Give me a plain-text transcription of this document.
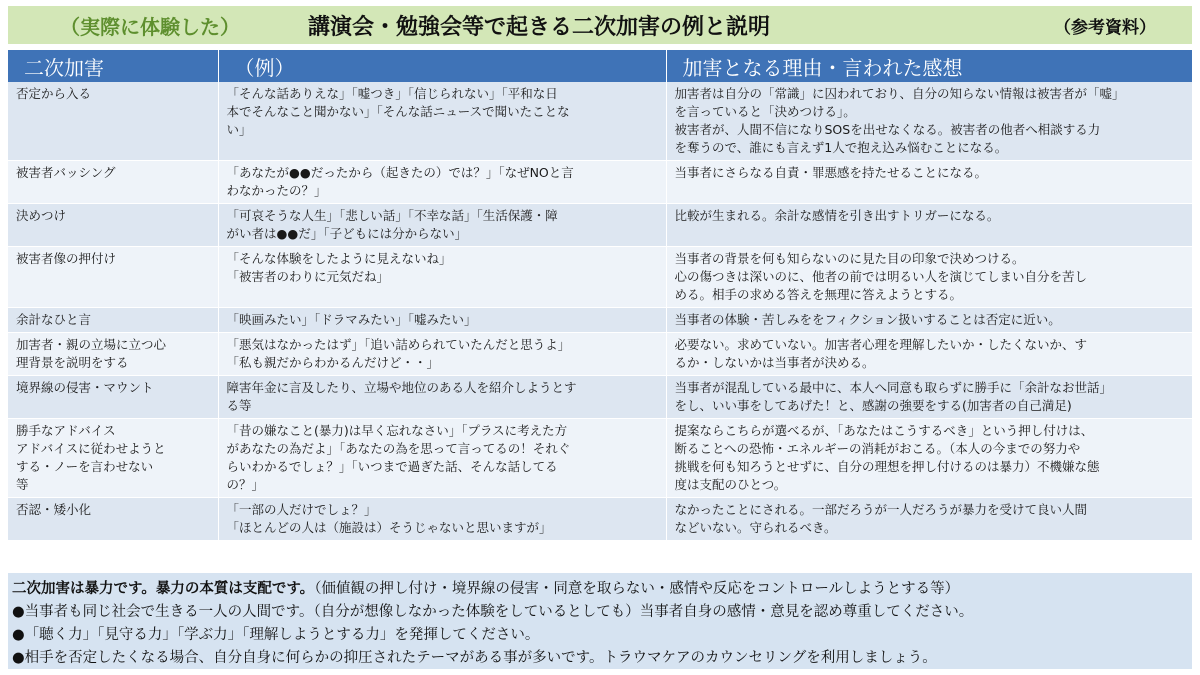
（実際に体験した）	講演会・勉強会等で起きる二次加害の例と説明	（参考資料）
二次加害	（例）	加害となる理由・言われた感想

否定から入る	「そんな話ありえな」「嘘つき」「信じられない」「平和な日
本でそんなこと聞かない」「そんな話ニュースで聞いたことな
い」	加害者は自分の「常識」に囚われており、自分の知らない情報は被害者が「嘘」
を言っていると「決めつける」。
被害者が、人間不信になりSOSを出せなくなる。被害者の他者へ相談する力
を奪うので、誰にも言えず1人で抱え込み悩むことになる。

被害者バッシング	「あなたが●●だったから（起きたの）では？」「なぜNOと言
わなかったの？」	当事者にさらなる自責・罪悪感を持たせることになる。

決めつけ	「可哀そうな人生」「悲しい話」「不幸な話」「生活保護・障
がい者は●●だ」「子どもには分からない」	比較が生まれる。余計な感情を引き出すトリガーになる。

被害者像の押付け	「そんな体験をしたように見えないね」
「被害者のわりに元気だね」	当事者の背景を何も知らないのに見た目の印象で決めつける。
心の傷つきは深いのに、他者の前では明るい人を演じてしまい自分を苦し
める。相手の求める答えを無理に答えようとする。

余計なひと言	「映画みたい」「ドラマみたい」「嘘みたい」	当事者の体験・苦しみををフィクション扱いすることは否定に近い。

加害者・親の立場に立つ心
理背景を説明をする	「悪気はなかったはず」「追い詰められていたんだと思うよ」
「私も親だからわかるんだけど・・」	必要ない。求めていない。加害者心理を理解したいか・したくないか、す
るか・しないかは当事者が決める。

境界線の侵害・マウント	障害年金に言及したり、立場や地位のある人を紹介しようとす
る等	当事者が混乱している最中に、本人へ同意も取らずに勝手に「余計なお世話」
をし、いい事をしてあげた！と、感謝の強要をする(加害者の自己満足)

勝手なアドバイス
アドバイスに従わせようと
する・ノーを言わせない
等	「昔の嫌なこと(暴力)は早く忘れなさい」「プラスに考えた方
があなたの為だよ」「あなたの為を思って言ってるの！それぐ
らいわかるでしょ？」「いつまで過ぎた話、そんな話してる
の？」	提案ならこちらが選べるが、「あなたはこうするべき」という押し付けは、
断ることへの恐怖・エネルギーの消耗がおこる。（本人の今までの努力や
挑戦を何も知ろうとせずに、自分の理想を押し付けるのは暴力）不機嫌な態
度は支配のひとつ。

否認・矮小化	「一部の人だけでしょ？」
「ほとんどの人は（施設は）そうじゃないと思いますが」	なかったことにされる。一部だろうが一人だろうが暴力を受けて良い人間
などいない。守られるべき。
二次加害は暴力です。暴力の本質は支配です。（価値観の押し付け・境界線の侵害・同意を取らない・感情や反応をコントロールしようとする等）
●当事者も同じ社会で生きる一人の人間です。（自分が想像しなかった体験をしているとしても）当事者自身の感情・意見を認め尊重してください。
●「聴く力」「見守る力」「学ぶ力」「理解しようとする力」を発揮してください。
●相手を否定したくなる場合、自分自身に何らかの抑圧されたテーマがある事が多いです。トラウマケアのカウンセリングを利用しましょう。
